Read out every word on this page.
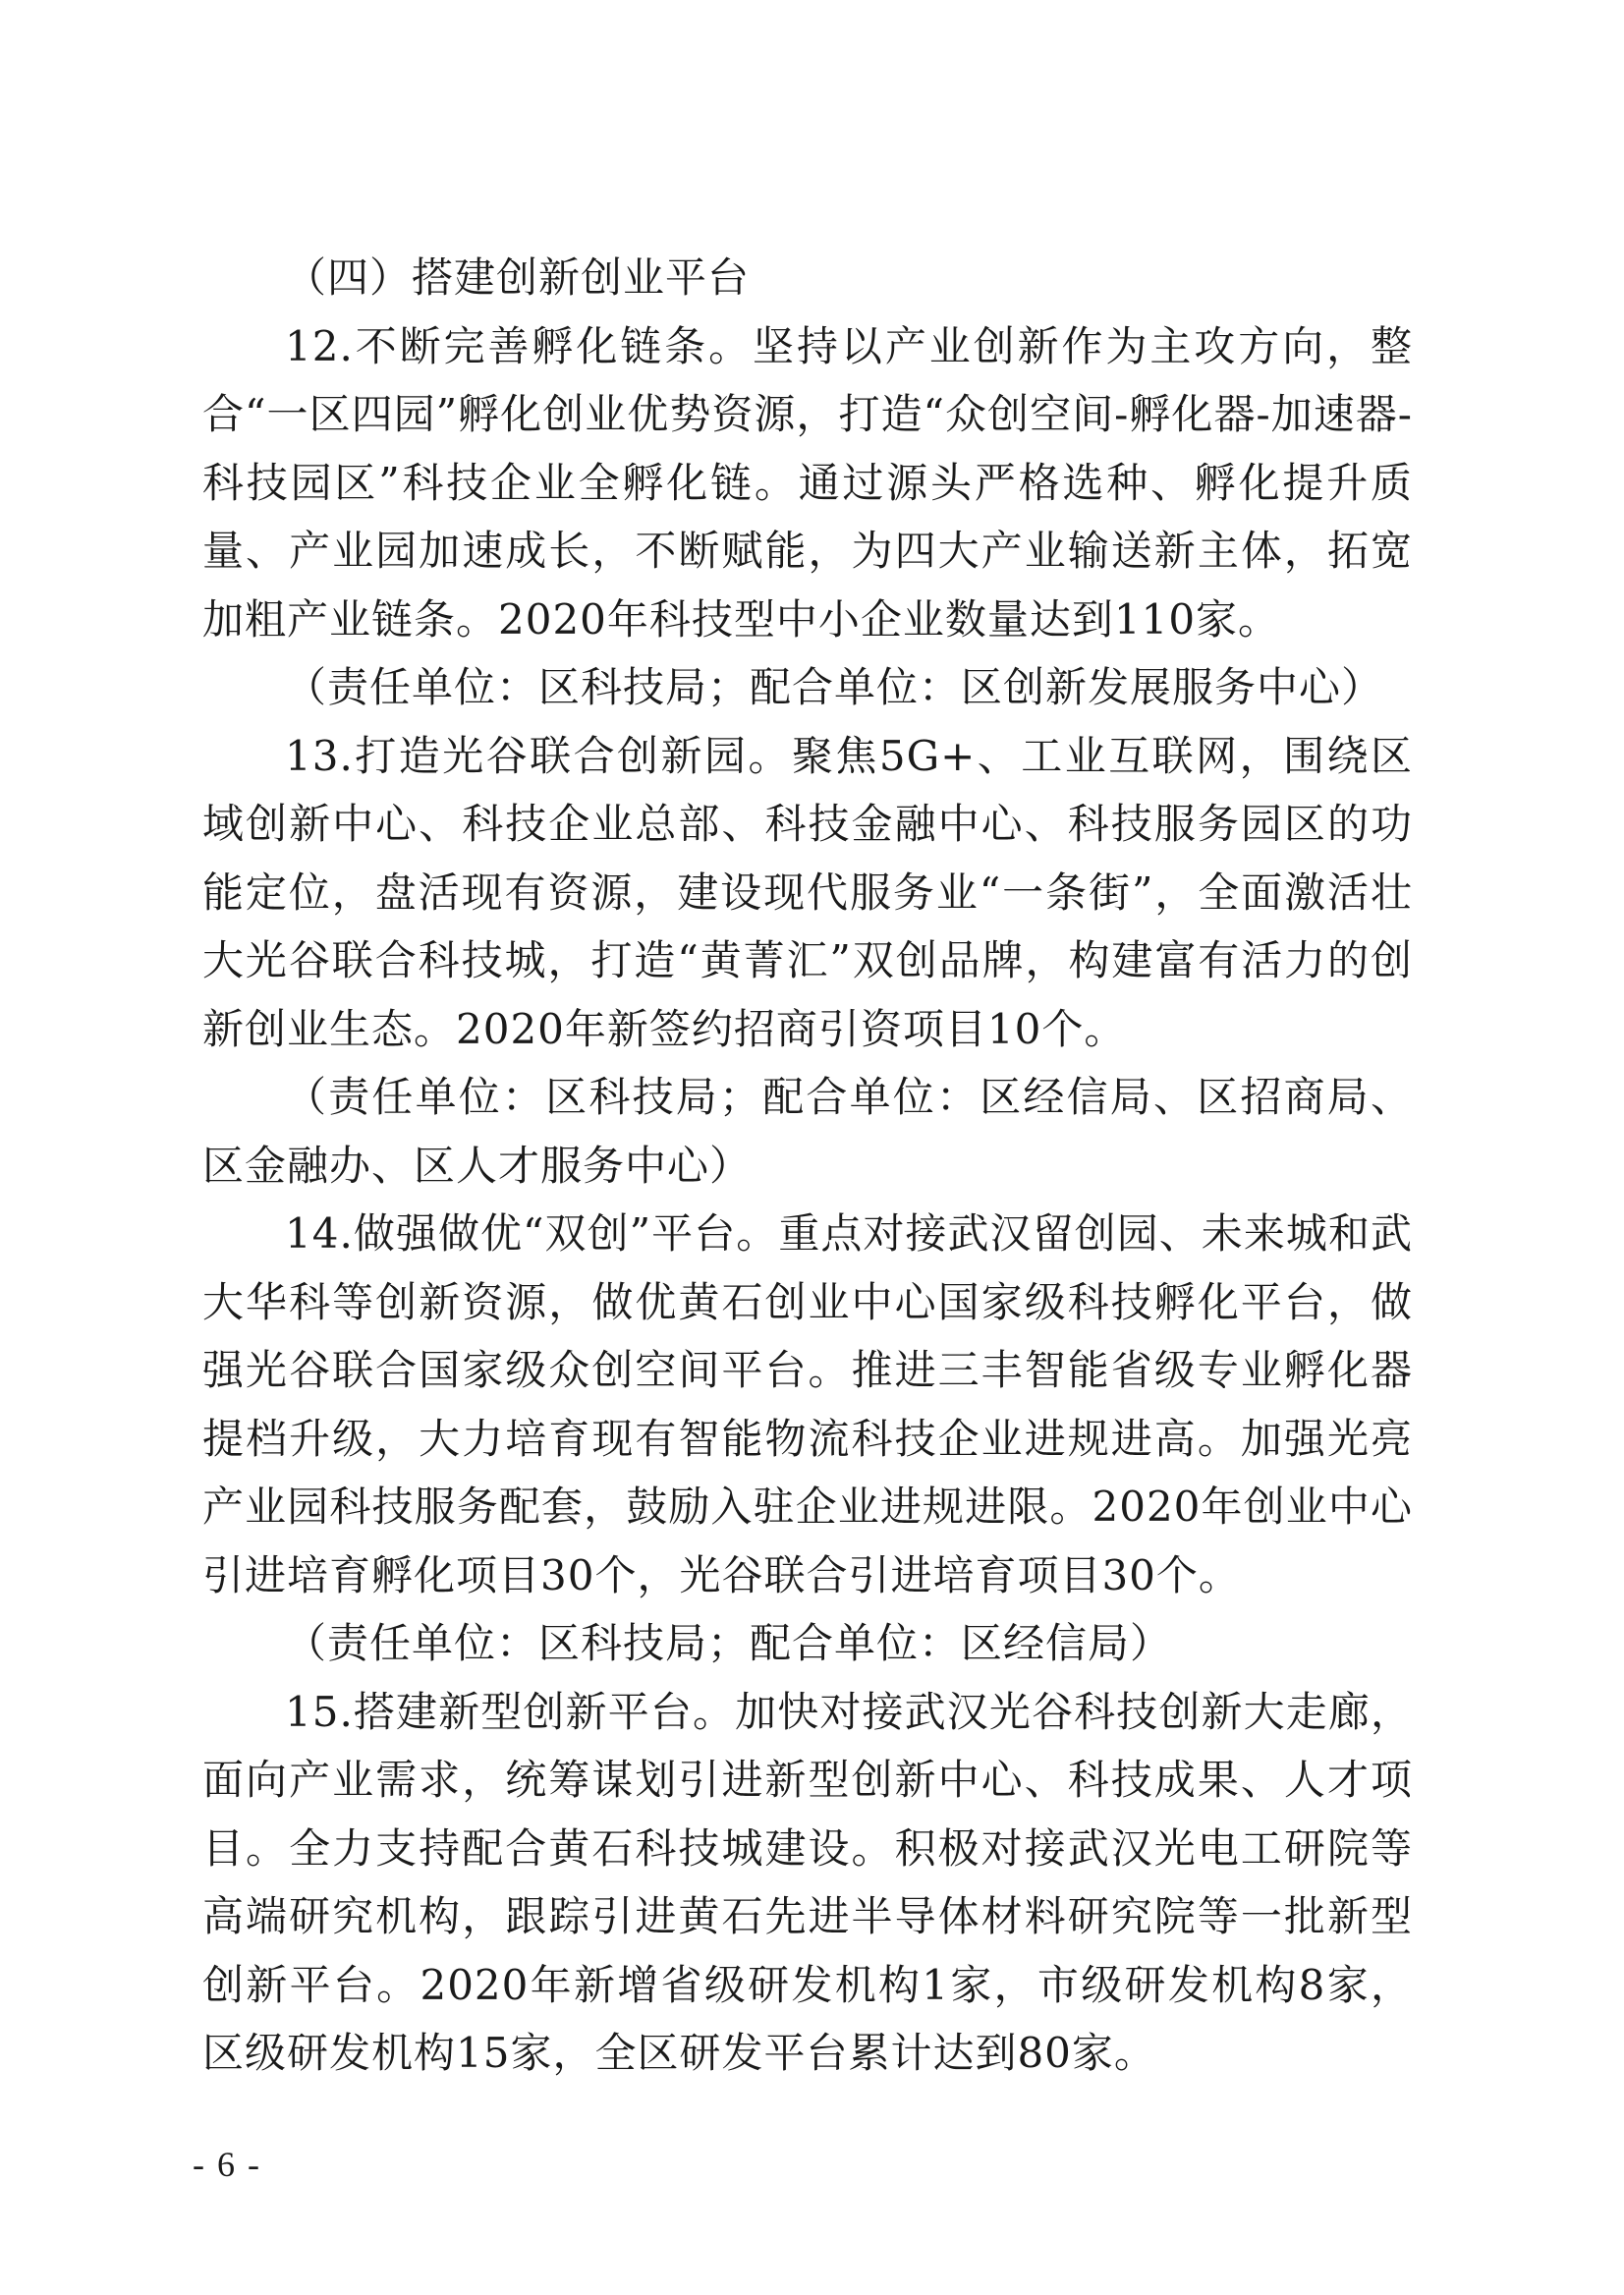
（四）搭建创新创业平台

12.不断完善孵化链条。坚持以产业创新作为主攻方向，整合“一区四园”孵化创业优势资源，打造“众创空间-孵化器-加速器-科技园区”科技企业全孵化链。通过源头严格选种、孵化提升质量、产业园加速成长，不断赋能，为四大产业输送新主体，拓宽加粗产业链条。2020年科技型中小企业数量达到110家。

（责任单位：区科技局；配合单位：区创新发展服务中心）

13.打造光谷联合创新园。聚焦5G+、工业互联网，围绕区域创新中心、科技企业总部、科技金融中心、科技服务园区的功能定位，盘活现有资源，建设现代服务业“一条街”，全面激活壮大光谷联合科技城，打造“黄菁汇”双创品牌，构建富有活力的创新创业生态。2020年新签约招商引资项目10个。

（责任单位：区科技局；配合单位：区经信局、区招商局、区金融办、区人才服务中心）

14.做强做优“双创”平台。重点对接武汉留创园、未来城和武大华科等创新资源，做优黄石创业中心国家级科技孵化平台，做强光谷联合国家级众创空间平台。推进三丰智能省级专业孵化器提档升级，大力培育现有智能物流科技企业进规进高。加强光亮产业园科技服务配套，鼓励入驻企业进规进限。2020年创业中心引进培育孵化项目30个，光谷联合引进培育项目30个。

（责任单位：区科技局；配合单位：区经信局）

15.搭建新型创新平台。加快对接武汉光谷科技创新大走廊，面向产业需求，统筹谋划引进新型创新中心、科技成果、人才项目。全力支持配合黄石科技城建设。积极对接武汉光电工研院等高端研究机构，跟踪引进黄石先进半导体材料研究院等一批新型创新平台。2020年新增省级研发机构1家，市级研发机构8家，区级研发机构15家，全区研发平台累计达到80家。

- 6 -
